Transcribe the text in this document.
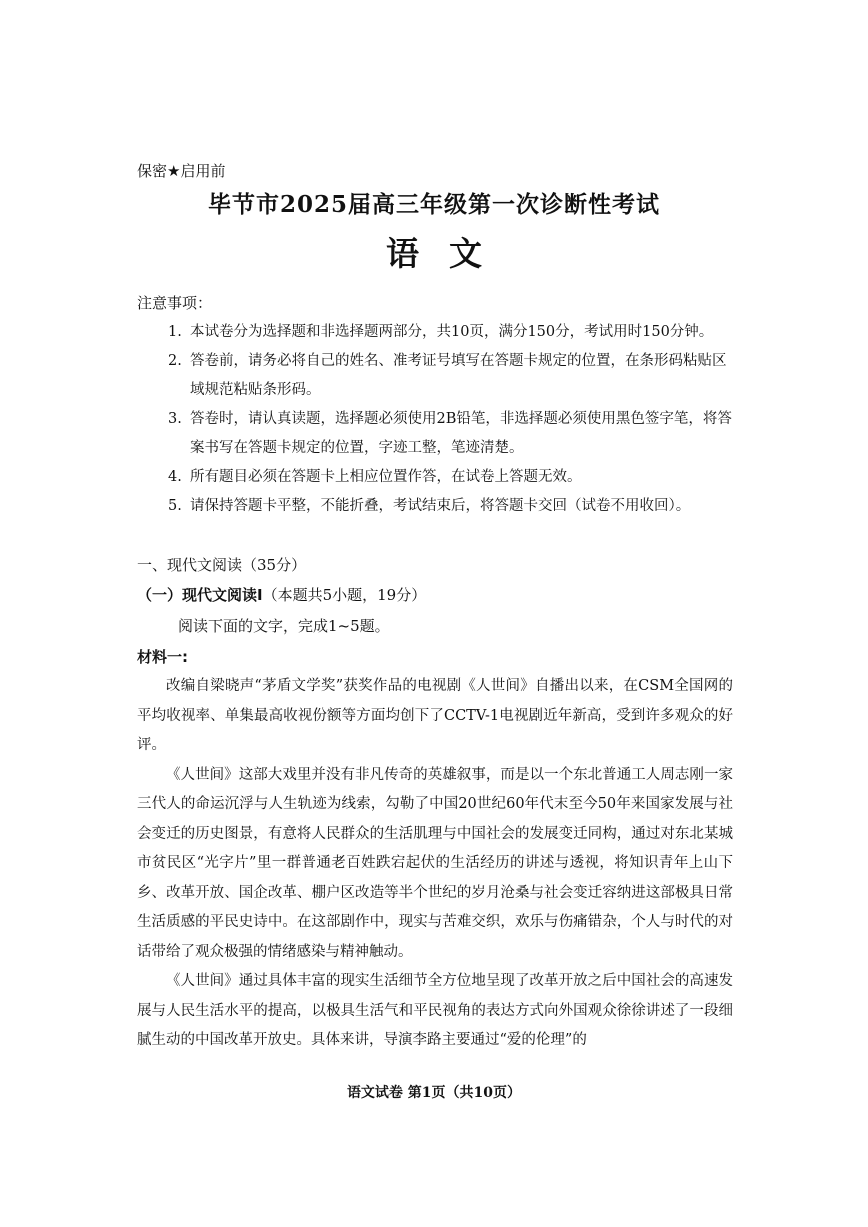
保密★启用前
毕节市2025届高三年级第一次诊断性考试
语文
注意事项：
1. 本试卷分为选择题和非选择题两部分，共10页，满分150分，考试用时150分钟。
2. 答卷前，请务必将自己的姓名、准考证号填写在答题卡规定的位置，在条形码粘贴区域规范粘贴条形码。
3. 答卷时，请认真读题，选择题必须使用2B铅笔，非选择题必须使用黑色签字笔，将答案书写在答题卡规定的位置，字迹工整，笔迹清楚。
4. 所有题目必须在答题卡上相应位置作答，在试卷上答题无效。
5. 请保持答题卡平整，不能折叠，考试结束后，将答题卡交回（试卷不用收回）。
一、现代文阅读（35分）
（一）现代文阅读Ⅰ（本题共5小题，19分）
阅读下面的文字，完成1~5题。
材料一:

改编自梁晓声“茅盾文学奖”获奖作品的电视剧《人世间》自播出以来，在CSM全国网的平均收视率、单集最高收视份额等方面均创下了CCTV-1电视剧近年新高，受到许多观众的好评。

《人世间》这部大戏里并没有非凡传奇的英雄叙事，而是以一个东北普通工人周志刚一家三代人的命运沉浮与人生轨迹为线索，勾勒了中国20世纪60年代末至今50年来国家发展与社会变迁的历史图景，有意将人民群众的生活肌理与中国社会的发展变迁同构，通过对东北某城市贫民区“光字片”里一群普通老百姓跌宕起伏的生活经历的讲述与透视，将知识青年上山下乡、改革开放、国企改革、棚户区改造等半个世纪的岁月沧桑与社会变迁容纳进这部极具日常生活质感的平民史诗中。在这部剧作中，现实与苦难交织，欢乐与伤痛错杂，个人与时代的对话带给了观众极强的情绪感染与精神触动。

《人世间》通过具体丰富的现实生活细节全方位地呈现了改革开放之后中国社会的高速发展与人民生活水平的提高，以极具生活气和平民视角的表达方式向外国观众徐徐讲述了一段细腻生动的中国改革开放史。具体来讲，导演李路主要通过“爱的伦理”的

语文试卷 第1页（共10页）
